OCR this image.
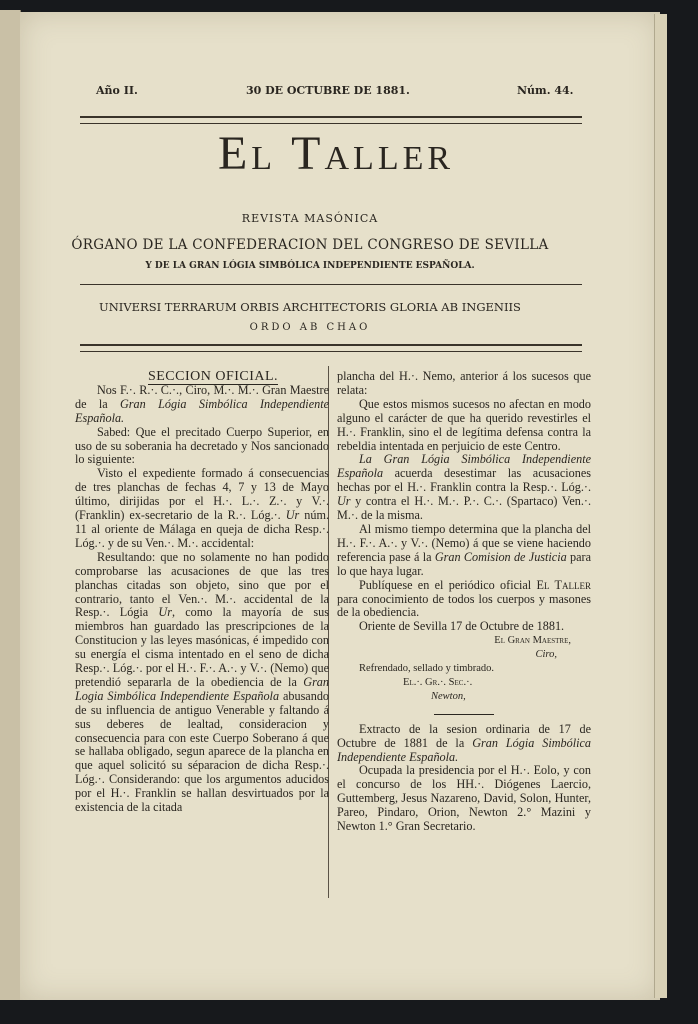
Año II.	30 DE OCTUBRE DE 1881.	Núm. 44.
El Taller
REVISTA MASÓNICA
ÓRGANO DE LA CONFEDERACION DEL CONGRESO DE SEVILLA
Y DE LA GRAN LÓGIA SIMBÓLICA INDEPENDIENTE ESPAÑOLA.
UNIVERSI TERRARUM ORBIS ARCHITECTORIS GLORIA AB INGENIIS
ORDO AB CHAO

SECCION OFICIAL.

Nos F.·. R.·. C.·., Ciro, M.·. M.·. Gran Maestre de la Gran Lógia Simbólica Independiente Española.

Sabed: Que el precitado Cuerpo Superior, en uso de su soberania ha decretado y Nos sancionado lo siguiente:

Visto el expediente formado á consecuencias de tres planchas de fechas 4, 7 y 13 de Mayo último, dirijidas por el H.·. L.·. Z.·. y V.·. (Franklin) ex-secretario de la R.·. Lóg.·. Ur núm. 11 al oriente de Málaga en queja de dicha Resp.·. Lóg.·. y de su Ven.·. M.·. accidental:

Resultando: que no solamente no han podido comprobarse las acusaciones de que las tres planchas citadas son objeto, sino que por el contrario, tanto el Ven.·. M.·. accidental de la Resp.·. Lógia Ur, como la mayoría de sus miembros han guardado las prescripciones de la Constitucion y las leyes masónicas, é impedido con su energía el cisma intentado en el seno de dicha Resp.·. Lóg.·. por el H.·. F.·. A.·. y V.·. (Nemo) que pretendió separarla de la obediencia de la Gran Logia Simbólica Independiente Española abusando de su influencia de antiguo Venerable y faltando á sus deberes de lealtad, consideracion y consecuencia para con este Cuerpo Soberano á que se hallaba obligado, segun aparece de la plancha en que aquel solicitó su séparacion de dicha Resp.·. Lóg.·. Considerando: que los argumentos aducidos por el H.·. Franklin se hallan desvirtuados por la existencia de la citada

plancha del H.·. Nemo, anterior á los sucesos que relata:

Que estos mismos sucesos no afectan en modo alguno el carácter de que ha querido revestirles el H.·. Franklin, sino el de legítima defensa contra la rebeldia intentada en perjuicio de este Centro.

La Gran Lógia Simbólica Independiente Española acuerda desestimar las acusaciones hechas por el H.·. Franklin contra la Resp.·. Lóg.·. Ur y contra el H.·. M.·. P.·. C.·. (Spartaco) Ven.·. M.·. de la misma.

Al mismo tiempo determina que la plancha del H.·. F.·. A.·. y V.·. (Nemo) á que se viene haciendo referencia pase á la Gran Comision de Justicia para lo que haya lugar.

Publíquese en el periódico oficial El Taller para conocimiento de todos los cuerpos y masones de la obediencia.

Oriente de Sevilla 17 de Octubre de 1881.

El Gran Maestre,

Ciro,

Refrendado, sellado y timbrado.

El.·. Gr.·. Sec.·.

Newton,

Extracto de la sesion ordinaria de 17 de Octubre de 1881 de la Gran Lógia Simbólica Independiente Española.

Ocupada la presidencia por el H.·. Eolo, y con el concurso de los HH.·. Diógenes Laercio, Guttemberg, Jesus Nazareno, David, Solon, Hunter, Pareo, Pindaro, Orion, Newton 2.° Mazini y Newton 1.° Gran Secretario.
